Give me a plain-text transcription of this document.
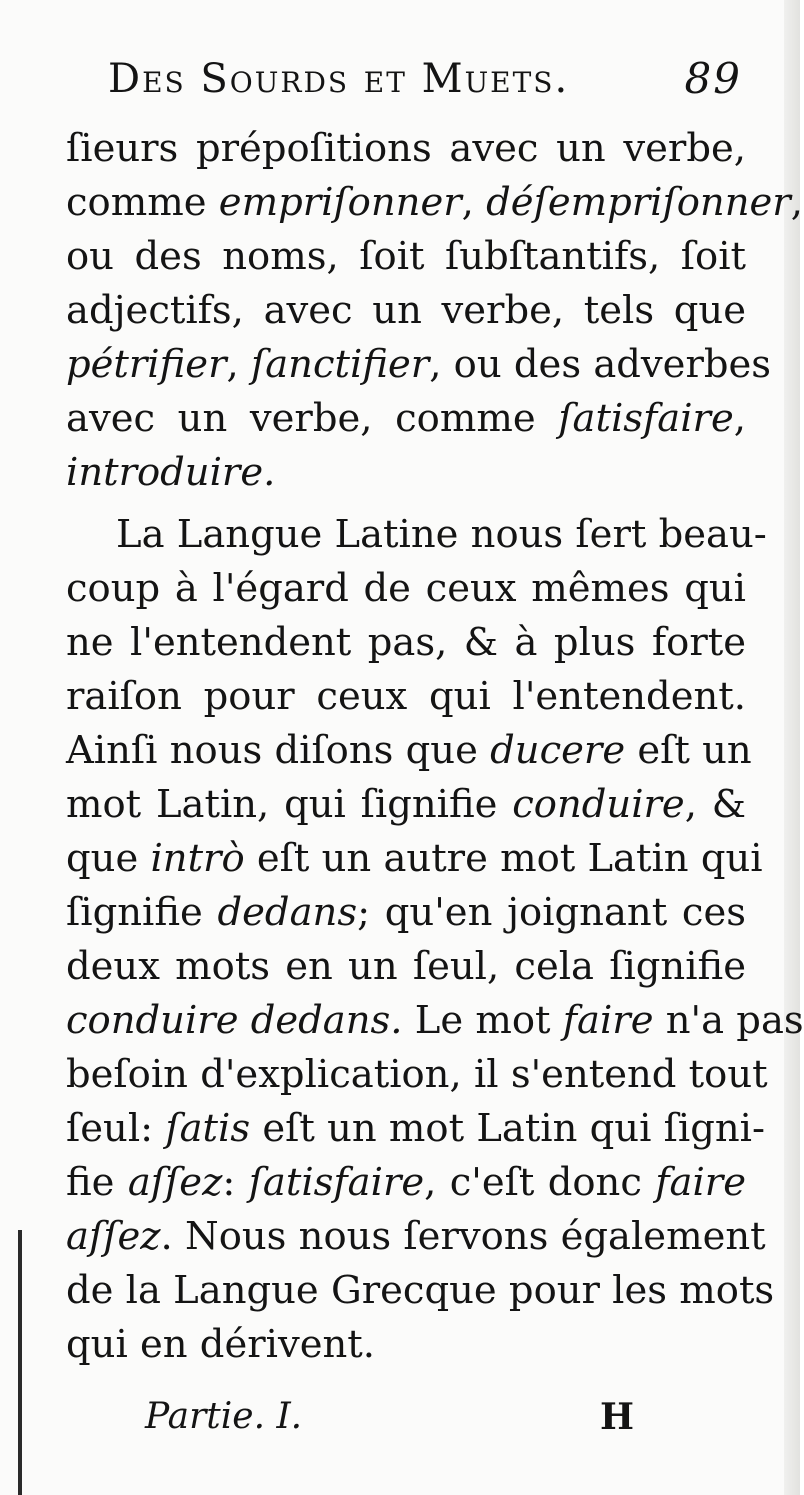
Des Sourds et Muets.	89
ſieurs prépoſitions avec un verbe,
comme empriſonner, déſempriſonner,
ou des noms, ſoit ſubſtantifs, ſoit
adjectifs, avec un verbe, tels que
pétrifier, ſanctifier, ou des adverbes
avec un verbe, comme ſatisfaire,
introduire.
La Langue Latine nous ſert beau-
coup à l'égard de ceux mêmes qui
ne l'entendent pas, & à plus forte
raiſon pour ceux qui l'entendent.
Ainſi nous diſons que ducere eſt un
mot Latin, qui ſignifie conduire, &
que intrò eſt un autre mot Latin qui
ſignifie dedans; qu'en joignant ces
deux mots en un ſeul, cela ſignifie
conduire dedans. Le mot faire n'a pas
beſoin d'explication, il s'entend tout
ſeul: ſatis eſt un mot Latin qui ſigni-
fie aſſez: ſatisfaire, c'eſt donc faire
aſſez. Nous nous ſervons également
de la Langue Grecque pour les mots
qui en dérivent.
Partie. I.	H
